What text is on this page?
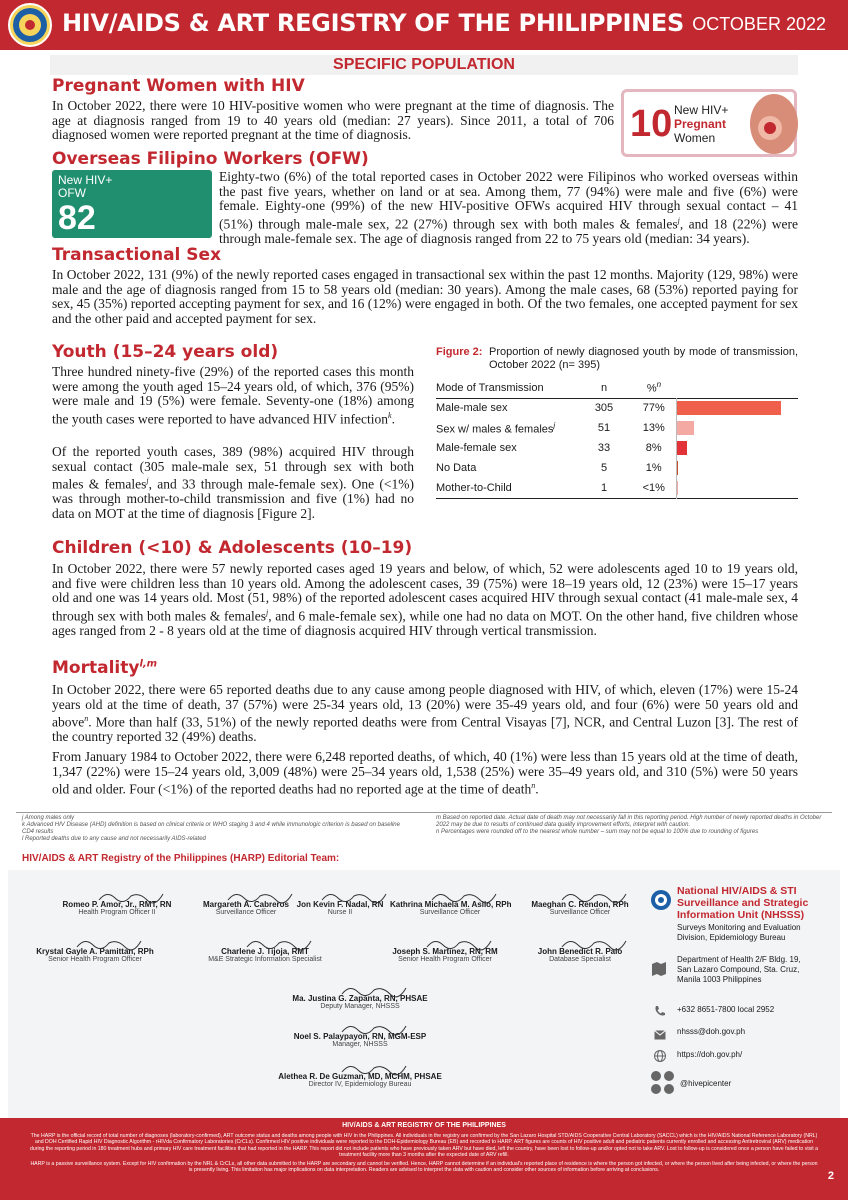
HIV/AIDS & ART REGISTRY OF THE PHILIPPINES OCTOBER 2022
SPECIFIC POPULATION
Pregnant Women with HIV
In October 2022, there were 10 HIV-positive women who were pregnant at the time of diagnosis. The age at diagnosis ranged from 19 to 40 years old (median: 27 years). Since 2011, a total of 706 diagnosed women were reported pregnant at the time of diagnosis.	10 New HIV+
Pregnant
Women
Overseas Filipino Workers (OFW)
New HIV+
OFW
82
Eighty-two (6%) of the total reported cases in October 2022 were Filipinos who worked overseas within the past five years, whether on land or at sea. Among them, 77 (94%) were male and five (6%) were female. Eighty-one (99%) of the new HIV-positive OFWs acquired HIV through sexual contact – 41 (51%) through male-male sex, 22 (27%) through sex with both males & females$^j$, and 18 (22%) were through male-female sex. The age of diagnosis ranged from 22 to 75 years old (median: 34 years).
Transactional Sex
In October 2022, 131 (9%) of the newly reported cases engaged in transactional sex within the past 12 months. Majority (129, 98%) were male and the age of diagnosis ranged from 15 to 58 years old (median: 30 years). Among the male cases, 68 (53%) reported paying for sex, 45 (35%) reported accepting payment for sex, and 16 (12%) were engaged in both. Of the two females, one accepted payment for sex and the other paid and accepted payment for sex.
Youth (15–24 years old)
Three hundred ninety-five (29%) of the reported cases this month were among the youth aged 15–24 years old, of which, 376 (95%) were male and 19 (5%) were female. Seventy-one (18%) among the youth cases were reported to have advanced HIV infection$^k$.
Of the reported youth cases, 389 (98%) acquired HIV through sexual contact (305 male-male sex, 51 through sex with both males & females$^j$, and 33 through male-female sex). One (<1%) was through mother-to-child transmission and five (1%) had no data on MOT at the time of diagnosis [Figure 2].
Figure 2: Proportion of newly diagnosed youth by mode of transmission, October 2022 (n= 395)
Mode of Transmission	n	%$^n$	
Male-male sex	305	77%	

Sex w/ males & females$^j$	51	13%	

Male-female sex	33	8%	

No Data	5	1%	

Mother-to-Child	1	<1%	
Children (<10) & Adolescents (10–19)
In October 2022, there were 57 newly reported cases aged 19 years and below, of which, 52 were adolescents aged 10 to 19 years old, and five were children less than 10 years old. Among the adolescent cases, 39 (75%) were 18–19 years old, 12 (23%) were 15–17 years old and one was 14 years old. Most (51, 98%) of the reported adolescent cases acquired HIV through sexual contact (41 male-male sex, 4 through sex with both males & females$^j$, and 6 male-female sex), while one had no data on MOT. On the other hand, five children whose ages ranged from 2 - 8 years old at the time of diagnosis acquired HIV through vertical transmission.
Mortality$^{l,m}$
In October 2022, there were 65 reported deaths due to any cause among people diagnosed with HIV, of which, eleven (17%) were 15-24 years old at the time of death, 37 (57%) were 25-34 years old, 13 (20%) were 35-49 years old, and four (6%) were 50 years old and above$^n$. More than half (33, 51%) of the newly reported deaths were from Central Visayas [7], NCR, and Central Luzon [3]. The rest of the country reported 32 (49%) deaths.
From January 1984 to October 2022, there were 6,248 reported deaths, of which, 40 (1%) were less than 15 years old at the time of death, 1,347 (22%) were 15–24 years old, 3,009 (48%) were 25–34 years old, 1,538 (25%) were 35–49 years old, and 310 (5%) were 50 years old and older. Four (<1%) of the reported deaths had no reported age at the time of death$^n$.
j Among males only
k Advanced HIV Disease (AHD) definition is based on clinical criteria or WHO staging 3 and 4 while immunologic criterion is based on baseline CD4 results
l Reported deaths due to any cause and not necessarily AIDS-related
m Based on reported date. Actual date of death may not necessarily fall in this reporting period. High number of newly reported deaths in October 2022 may be due to results of continued data quality improvement efforts, interpret with caution.
n Percentages were rounded off to the nearest whole number – sum may not be equal to 100% due to rounding of figures
HIV/AIDS & ART Registry of the Philippines (HARP) Editorial Team:
Romeo P. Amor, Jr., RMT, RN
Health Program Officer II
Margareth A. Cabreros
Surveillance Officer
Jon Kevin F. Nadal, RN
Nurse II
Kathrina Michaela M. Asilo, RPh
Surveillance Officer
Maeghan C. Rendon, RPh
Surveillance Officer
Krystal Gayle A. Pamittan, RPh
Senior Health Program Officer
Charlene J. Tijoja, RMT
M&E Strategic Information Specialist
Joseph S. Martinez, RN, RM
Senior Health Program Officer
John Benedict R. Palo
Database Specialist
Ma. Justina G. Zapanta, RN, PHSAE
Deputy Manager, NHSSS
Noel S. Palaypayon, RN, MGM-ESP
Manager, NHSSS
Alethea R. De Guzman, MD, MCHM, PHSAE
Director IV, Epidemiology Bureau
National HIV/AIDS & STI
Surveillance and Strategic
Information Unit (NHSSS)
Surveys Monitoring and Evaluation
Division, Epidemiology Bureau
Department of Health 2/F Bldg. 19,
San Lazaro Compound, Sta. Cruz,
Manila 1003 Philippines
+632 8651-7800 local 2952
nhsss@doh.gov.ph
https://doh.gov.ph/
@hivepicenter
HIV/AIDS & ART REGISTRY OF THE PHILIPPINES
The HARP is the official record of total number of diagnoses (laboratory-confirmed), ART outcome status and deaths among people with HIV in the Philippines. All individuals in the registry are confirmed by the San Lazaro Hospital STD/AIDS Cooperative Central Laboratory (SACCL) which is the HIV/AIDS National Reference Laboratory (NRL) and DOH Certified Rapid HIV Diagnostic Algorithm - rHIVda Confirmatory Laboratories (CrCLs). Confirmed HIV positive individuals were reported to the DOH-Epidemiology Bureau (EB) and recorded to HARP. ART figures are counts of HIV positive adult and pediatric patients currently enrolled and accessing Antiretroviral (ARV) medication during the reporting period in 180 treatment hubs and primary HIV care treatment facilities that had reported in the HARP. This report did not include patients who have previously taken ARV but have died, left the country, have been lost to follow-up and/or opted not to take ARV. Lost to follow-up is considered once a person have failed to visit a treatment facility more than 3 months after the expected date of ARV refill.
HARP is a passive surveillance system. Except for HIV confirmation by the NRL & CrCLs, all other data submitted to the HARP are secondary and cannot be verified. Hence, HARP cannot determine if an individual's reported place of residence is where the person got infected, or where the person lived after being infected, or where the person is presently living. This limitation has major implications on data interpretation. Readers are advised to interpret the data with caution and consider other sources of information before arriving at conclusions.	2
